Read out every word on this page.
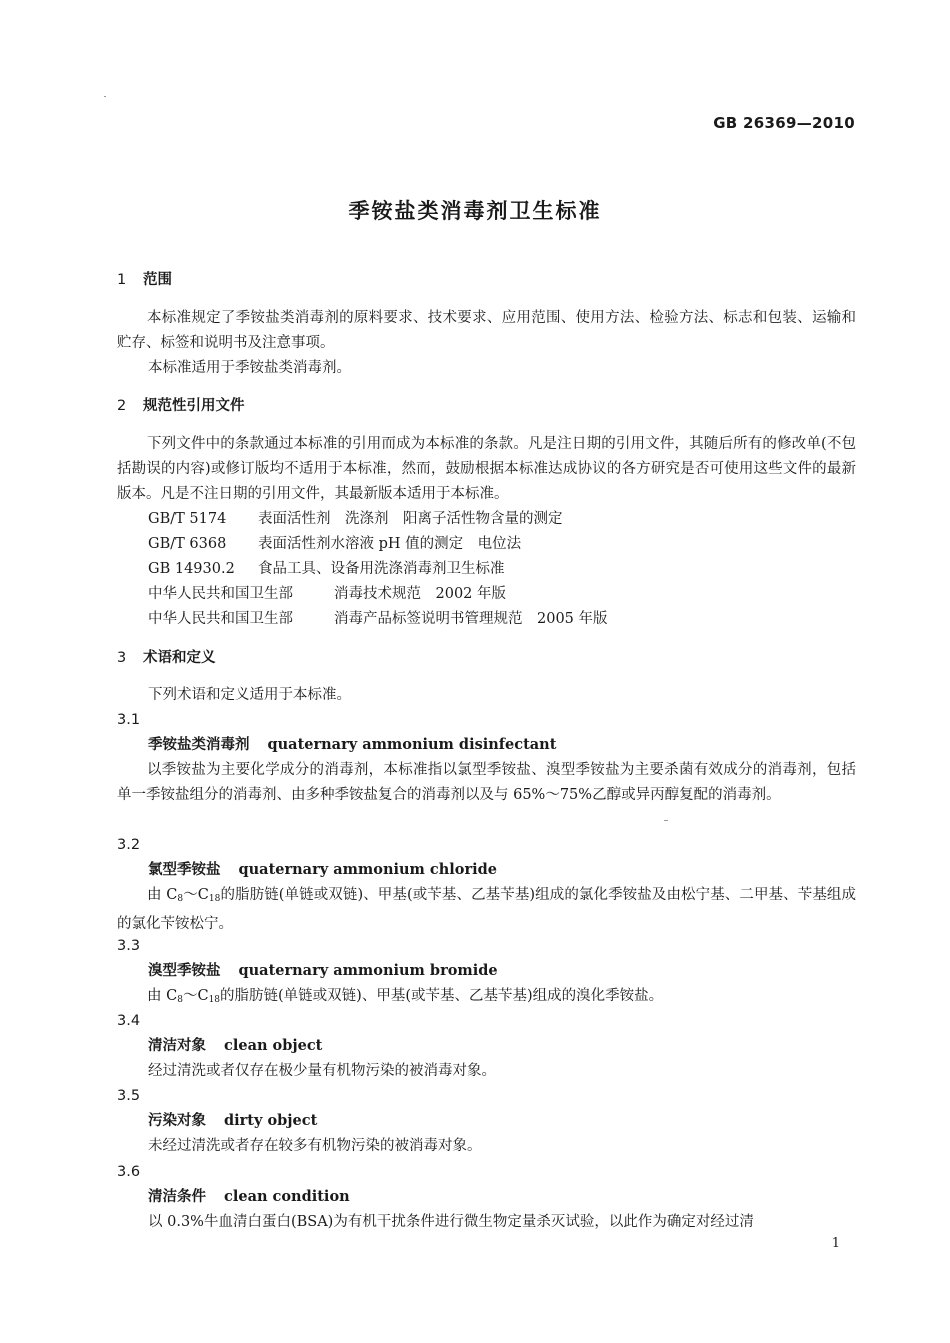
GB 26369—2010
季铵盐类消毒剂卫生标准
1 范围
本标准规定了季铵盐类消毒剂的原料要求、技术要求、应用范围、使用方法、检验方法、标志和包装、运输和贮存、标签和说明书及注意事项。
本标准适用于季铵盐类消毒剂。
2 规范性引用文件
下列文件中的条款通过本标准的引用而成为本标准的条款。凡是注日期的引用文件，其随后所有的修改单(不包括勘误的内容)或修订版均不适用于本标准，然而，鼓励根据本标准达成协议的各方研究是否可使用这些文件的最新版本。凡是不注日期的引用文件，其最新版本适用于本标准。
GB/T 5174 表面活性剂　洗涤剂　阳离子活性物含量的测定
GB/T 6368 表面活性剂水溶液 pH 值的测定　电位法
GB 14930.2 食品工具、设备用洗涤消毒剂卫生标准
中华人民共和国卫生部	消毒技术规范　2002 年版
中华人民共和国卫生部	消毒产品标签说明书管理规范　2005 年版
3 术语和定义
下列术语和定义适用于本标准。
3.1
季铵盐类消毒剂 quaternary ammonium disinfectant
以季铵盐为主要化学成分的消毒剂，本标准指以氯型季铵盐、溴型季铵盐为主要杀菌有效成分的消毒剂，包括单一季铵盐组分的消毒剂、由多种季铵盐复合的消毒剂以及与 65%～75%乙醇或异丙醇复配的消毒剂。
3.2
氯型季铵盐 quaternary ammonium chloride
由 $C_8\sim C_{18}$的脂肪链(单链或双链)、甲基(或苄基、乙基苄基)组成的氯化季铵盐及由松宁基、二甲基、苄基组成的氯化苄铵松宁。
3.3
溴型季铵盐 quaternary ammonium bromide
由 $C_8\sim C_{18}$的脂肪链(单链或双链)、甲基(或苄基、乙基苄基)组成的溴化季铵盐。
3.4
清洁对象 clean object
经过清洗或者仅存在极少量有机物污染的被消毒对象。
3.5
污染对象 dirty object
未经过清洗或者存在较多有机物污染的被消毒对象。
3.6
清洁条件 clean condition
以 0.3%牛血清白蛋白(BSA)为有机干扰条件进行微生物定量杀灭试验，以此作为确定对经过清
1
